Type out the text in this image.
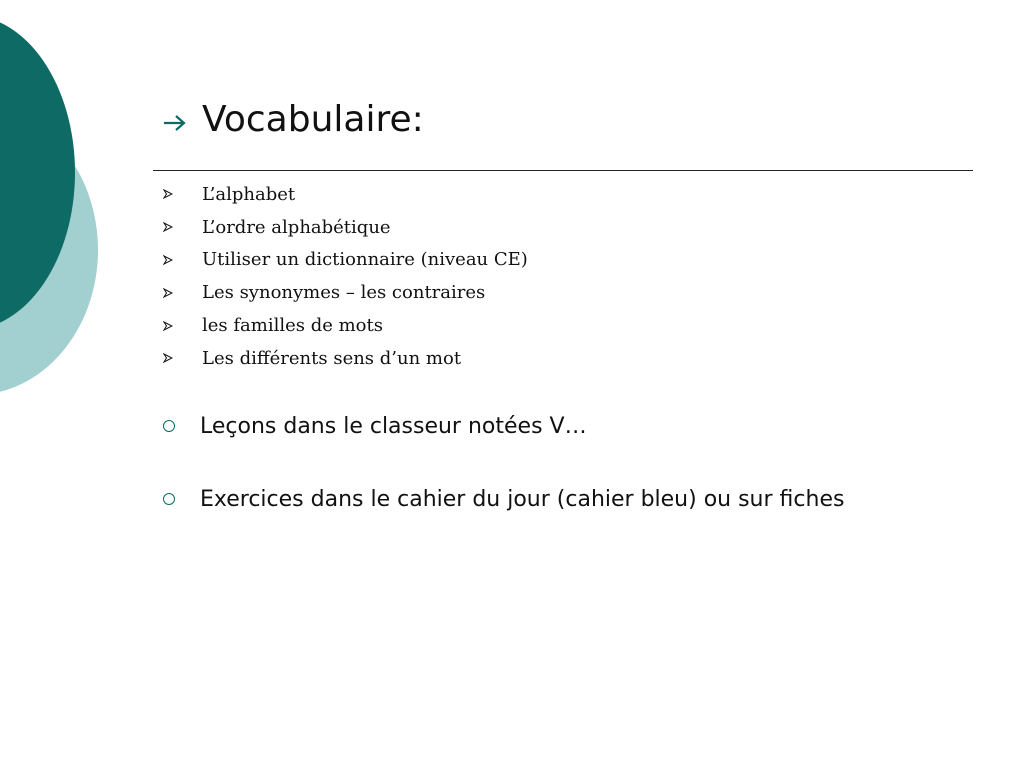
Vocabulaire:
L’alphabet
L’ordre alphabétique
Utiliser un dictionnaire (niveau CE)
Les synonymes – les contraires
les familles de mots
Les différents sens d’un mot
Leçons dans le classeur notées V…
Exercices dans le cahier du jour (cahier bleu) ou sur fiches
